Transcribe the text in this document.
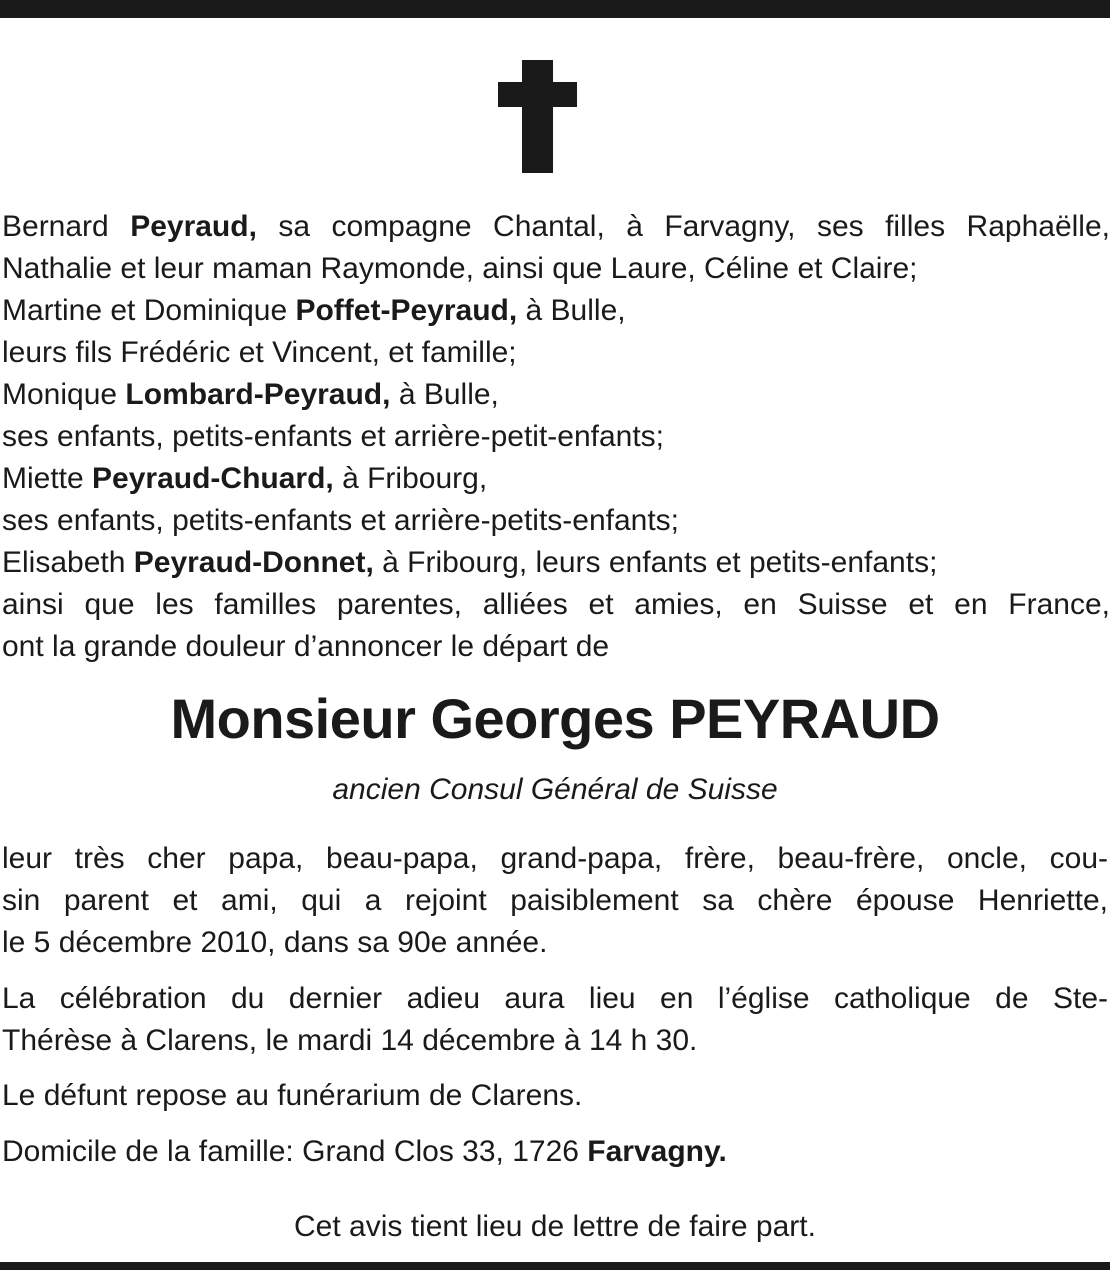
Bernard Peyraud, sa compagne Chantal, à Farvagny, ses filles Raphaëlle,
Nathalie et leur maman Raymonde, ainsi que Laure, Céline et Claire;
Martine et Dominique Poffet-Peyraud, à Bulle,
leurs fils Frédéric et Vincent, et famille;
Monique Lombard-Peyraud, à Bulle,
ses enfants, petits-enfants et arrière-petit-enfants;
Miette Peyraud-Chuard, à Fribourg,
ses enfants, petits-enfants et arrière-petits-enfants;
Elisabeth Peyraud-Donnet, à Fribourg, leurs enfants et petits-enfants;
ainsi que les familles parentes, alliées et amies, en Suisse et en France,
ont la grande douleur d’annoncer le départ de
Monsieur Georges PEYRAUD
ancien Consul Général de Suisse

leur très cher papa, beau-papa, grand-papa, frère, beau-frère, oncle, cou-
sin parent et ami, qui a rejoint paisiblement sa chère épouse Henriette,
le 5 décembre 2010, dans sa 90e année.

La célébration du dernier adieu aura lieu en l’église catholique de Ste-
Thérèse à Clarens, le mardi 14 décembre à 14 h 30.

Le défunt repose au funérarium de Clarens.

Domicile de la famille: Grand Clos 33, 1726 Farvagny.

Cet avis tient lieu de lettre de faire part.
